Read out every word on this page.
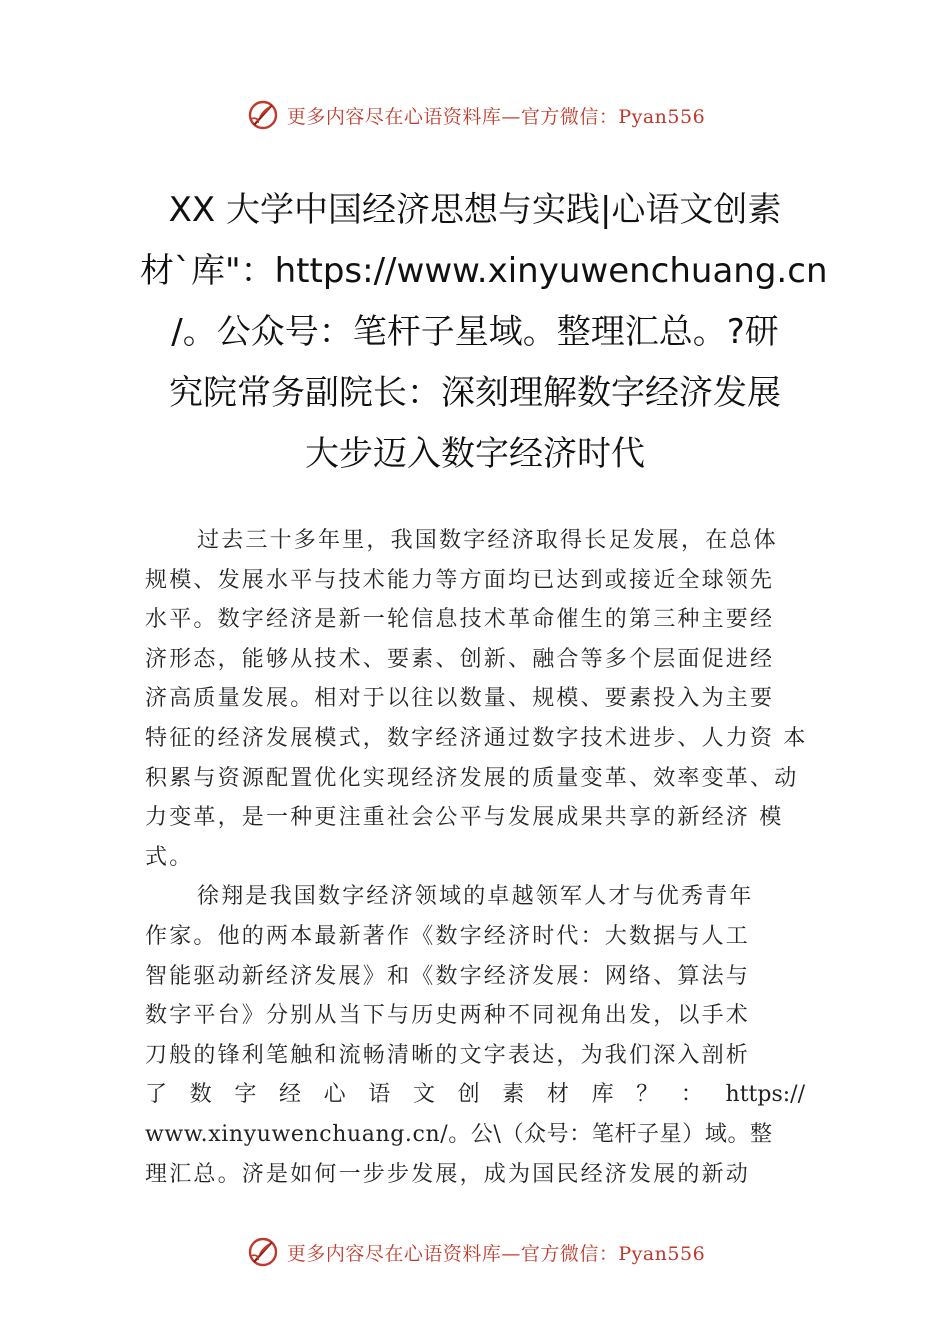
更多内容尽在心语资料库—官方微信：Pyan556
XX 大学中国经济思想与实践|心语文创素
材`库"：https://www.xinyuwenchuang.cn
/。公众号：笔杆子星域。整理汇总。?研
究院常务副院长：深刻理解数字经济发展
大步迈入数字经济时代
过去三十多年里，我国数字经济取得长足发展，在总体
规模、发展水平与技术能力等方面均已达到或接近全球领先
水平。数字经济是新一轮信息技术革命催生的第三种主要经
济形态，能够从技术、要素、创新、融合等多个层面促进经
济高质量发展。相对于以往以数量、规模、要素投入为主要
特征的经济发展模式，数字经济通过数字技术进步、人力资 本
积累与资源配置优化实现经济发展的质量变革、效率变革、动
力变革，是一种更注重社会公平与发展成果共享的新经济 模
式。
徐翔是我国数字经济领域的卓越领军人才与优秀青年
作家。他的两本最新著作《数字经济时代：大数据与人工
智能驱动新经济发展》和《数字经济发展：网络、算法与
数字平台》分别从当下与历史两种不同视角出发，以手术
刀般的锋利笔触和流畅清晰的文字表达，为我们深入剖析
了 数 字 经 心 语 文 创 素 材 库 ？ ： https://
www.xinyuwenchuang.cn/。公\（众号：笔杆子星）域。整
理汇总。济是如何一步步发展，成为国民经济发展的新动
更多内容尽在心语资料库—官方微信：Pyan556
